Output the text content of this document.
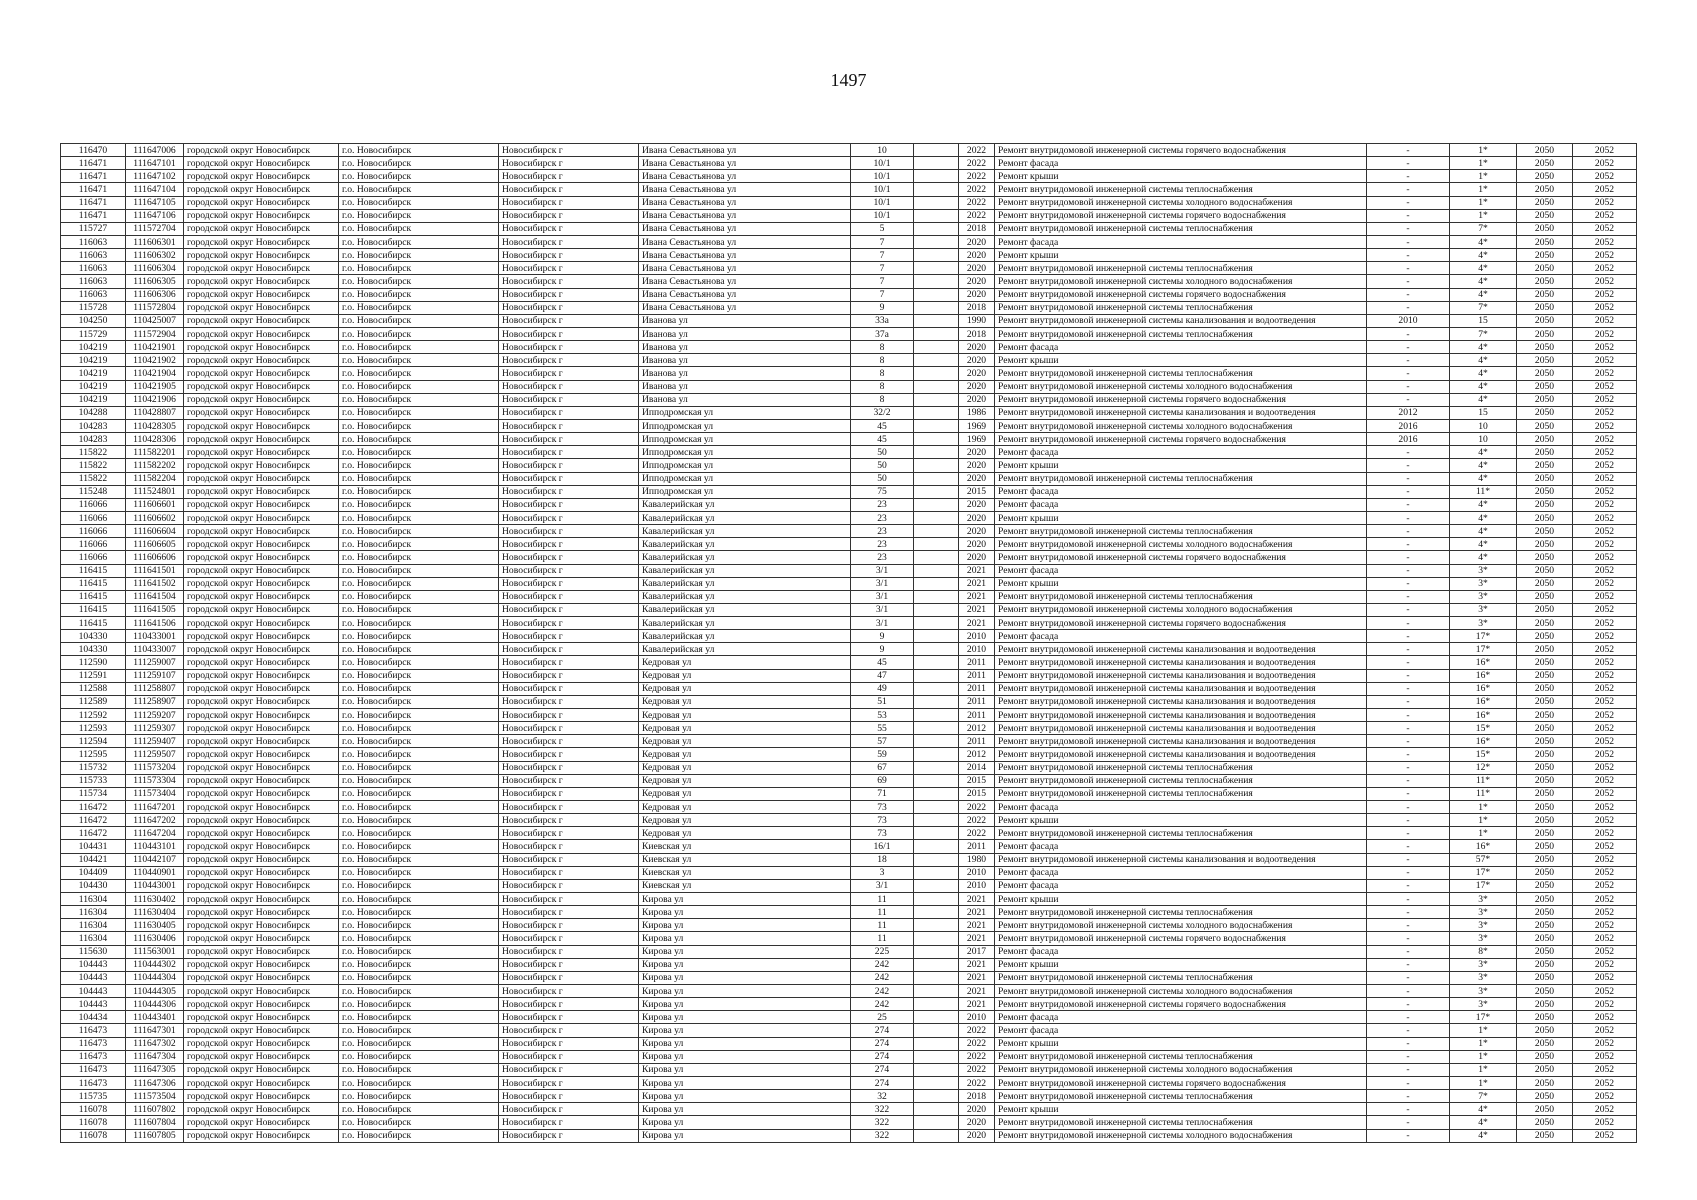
1497
116470	111647006	городской округ Новосибирск	г.о. Новосибирск	Новосибирск г	Ивана Севастьянова ул	10		2022	Ремонт внутридомовой инженерной системы горячего водоснабжения	-	1*	2050	2052
116471	111647101	городской округ Новосибирск	г.о. Новосибирск	Новосибирск г	Ивана Севастьянова ул	10/1		2022	Ремонт фасада	-	1*	2050	2052
116471	111647102	городской округ Новосибирск	г.о. Новосибирск	Новосибирск г	Ивана Севастьянова ул	10/1		2022	Ремонт крыши	-	1*	2050	2052
116471	111647104	городской округ Новосибирск	г.о. Новосибирск	Новосибирск г	Ивана Севастьянова ул	10/1		2022	Ремонт внутридомовой инженерной системы теплоснабжения	-	1*	2050	2052
116471	111647105	городской округ Новосибирск	г.о. Новосибирск	Новосибирск г	Ивана Севастьянова ул	10/1		2022	Ремонт внутридомовой инженерной системы холодного водоснабжения	-	1*	2050	2052
116471	111647106	городской округ Новосибирск	г.о. Новосибирск	Новосибирск г	Ивана Севастьянова ул	10/1		2022	Ремонт внутридомовой инженерной системы горячего водоснабжения	-	1*	2050	2052
115727	111572704	городской округ Новосибирск	г.о. Новосибирск	Новосибирск г	Ивана Севастьянова ул	5		2018	Ремонт внутридомовой инженерной системы теплоснабжения	-	7*	2050	2052
116063	111606301	городской округ Новосибирск	г.о. Новосибирск	Новосибирск г	Ивана Севастьянова ул	7		2020	Ремонт фасада	-	4*	2050	2052
116063	111606302	городской округ Новосибирск	г.о. Новосибирск	Новосибирск г	Ивана Севастьянова ул	7		2020	Ремонт крыши	-	4*	2050	2052
116063	111606304	городской округ Новосибирск	г.о. Новосибирск	Новосибирск г	Ивана Севастьянова ул	7		2020	Ремонт внутридомовой инженерной системы теплоснабжения	-	4*	2050	2052
116063	111606305	городской округ Новосибирск	г.о. Новосибирск	Новосибирск г	Ивана Севастьянова ул	7		2020	Ремонт внутридомовой инженерной системы холодного водоснабжения	-	4*	2050	2052
116063	111606306	городской округ Новосибирск	г.о. Новосибирск	Новосибирск г	Ивана Севастьянова ул	7		2020	Ремонт внутридомовой инженерной системы горячего водоснабжения	-	4*	2050	2052
115728	111572804	городской округ Новосибирск	г.о. Новосибирск	Новосибирск г	Ивана Севастьянова ул	9		2018	Ремонт внутридомовой инженерной системы теплоснабжения	-	7*	2050	2052
104250	110425007	городской округ Новосибирск	г.о. Новосибирск	Новосибирск г	Иванова ул	33а		1990	Ремонт внутридомовой инженерной системы канализования и водоотведения	2010	15	2050	2052
115729	111572904	городской округ Новосибирск	г.о. Новосибирск	Новосибирск г	Иванова ул	37а		2018	Ремонт внутридомовой инженерной системы теплоснабжения	-	7*	2050	2052
104219	110421901	городской округ Новосибирск	г.о. Новосибирск	Новосибирск г	Иванова ул	8		2020	Ремонт фасада	-	4*	2050	2052
104219	110421902	городской округ Новосибирск	г.о. Новосибирск	Новосибирск г	Иванова ул	8		2020	Ремонт крыши	-	4*	2050	2052
104219	110421904	городской округ Новосибирск	г.о. Новосибирск	Новосибирск г	Иванова ул	8		2020	Ремонт внутридомовой инженерной системы теплоснабжения	-	4*	2050	2052
104219	110421905	городской округ Новосибирск	г.о. Новосибирск	Новосибирск г	Иванова ул	8		2020	Ремонт внутридомовой инженерной системы холодного водоснабжения	-	4*	2050	2052
104219	110421906	городской округ Новосибирск	г.о. Новосибирск	Новосибирск г	Иванова ул	8		2020	Ремонт внутридомовой инженерной системы горячего водоснабжения	-	4*	2050	2052
104288	110428807	городской округ Новосибирск	г.о. Новосибирск	Новосибирск г	Ипподромская ул	32/2		1986	Ремонт внутридомовой инженерной системы канализования и водоотведения	2012	15	2050	2052
104283	110428305	городской округ Новосибирск	г.о. Новосибирск	Новосибирск г	Ипподромская ул	45		1969	Ремонт внутридомовой инженерной системы холодного водоснабжения	2016	10	2050	2052
104283	110428306	городской округ Новосибирск	г.о. Новосибирск	Новосибирск г	Ипподромская ул	45		1969	Ремонт внутридомовой инженерной системы горячего водоснабжения	2016	10	2050	2052
115822	111582201	городской округ Новосибирск	г.о. Новосибирск	Новосибирск г	Ипподромская ул	50		2020	Ремонт фасада	-	4*	2050	2052
115822	111582202	городской округ Новосибирск	г.о. Новосибирск	Новосибирск г	Ипподромская ул	50		2020	Ремонт крыши	-	4*	2050	2052
115822	111582204	городской округ Новосибирск	г.о. Новосибирск	Новосибирск г	Ипподромская ул	50		2020	Ремонт внутридомовой инженерной системы теплоснабжения	-	4*	2050	2052
115248	111524801	городской округ Новосибирск	г.о. Новосибирск	Новосибирск г	Ипподромская ул	75		2015	Ремонт фасада	-	11*	2050	2052
116066	111606601	городской округ Новосибирск	г.о. Новосибирск	Новосибирск г	Кавалерийская ул	23		2020	Ремонт фасада	-	4*	2050	2052
116066	111606602	городской округ Новосибирск	г.о. Новосибирск	Новосибирск г	Кавалерийская ул	23		2020	Ремонт крыши	-	4*	2050	2052
116066	111606604	городской округ Новосибирск	г.о. Новосибирск	Новосибирск г	Кавалерийская ул	23		2020	Ремонт внутридомовой инженерной системы теплоснабжения	-	4*	2050	2052
116066	111606605	городской округ Новосибирск	г.о. Новосибирск	Новосибирск г	Кавалерийская ул	23		2020	Ремонт внутридомовой инженерной системы холодного водоснабжения	-	4*	2050	2052
116066	111606606	городской округ Новосибирск	г.о. Новосибирск	Новосибирск г	Кавалерийская ул	23		2020	Ремонт внутридомовой инженерной системы горячего водоснабжения	-	4*	2050	2052
116415	111641501	городской округ Новосибирск	г.о. Новосибирск	Новосибирск г	Кавалерийская ул	3/1		2021	Ремонт фасада	-	3*	2050	2052
116415	111641502	городской округ Новосибирск	г.о. Новосибирск	Новосибирск г	Кавалерийская ул	3/1		2021	Ремонт крыши	-	3*	2050	2052
116415	111641504	городской округ Новосибирск	г.о. Новосибирск	Новосибирск г	Кавалерийская ул	3/1		2021	Ремонт внутридомовой инженерной системы теплоснабжения	-	3*	2050	2052
116415	111641505	городской округ Новосибирск	г.о. Новосибирск	Новосибирск г	Кавалерийская ул	3/1		2021	Ремонт внутридомовой инженерной системы холодного водоснабжения	-	3*	2050	2052
116415	111641506	городской округ Новосибирск	г.о. Новосибирск	Новосибирск г	Кавалерийская ул	3/1		2021	Ремонт внутридомовой инженерной системы горячего водоснабжения	-	3*	2050	2052
104330	110433001	городской округ Новосибирск	г.о. Новосибирск	Новосибирск г	Кавалерийская ул	9		2010	Ремонт фасада	-	17*	2050	2052
104330	110433007	городской округ Новосибирск	г.о. Новосибирск	Новосибирск г	Кавалерийская ул	9		2010	Ремонт внутридомовой инженерной системы канализования и водоотведения	-	17*	2050	2052
112590	111259007	городской округ Новосибирск	г.о. Новосибирск	Новосибирск г	Кедровая ул	45		2011	Ремонт внутридомовой инженерной системы канализования и водоотведения	-	16*	2050	2052
112591	111259107	городской округ Новосибирск	г.о. Новосибирск	Новосибирск г	Кедровая ул	47		2011	Ремонт внутридомовой инженерной системы канализования и водоотведения	-	16*	2050	2052
112588	111258807	городской округ Новосибирск	г.о. Новосибирск	Новосибирск г	Кедровая ул	49		2011	Ремонт внутридомовой инженерной системы канализования и водоотведения	-	16*	2050	2052
112589	111258907	городской округ Новосибирск	г.о. Новосибирск	Новосибирск г	Кедровая ул	51		2011	Ремонт внутридомовой инженерной системы канализования и водоотведения	-	16*	2050	2052
112592	111259207	городской округ Новосибирск	г.о. Новосибирск	Новосибирск г	Кедровая ул	53		2011	Ремонт внутридомовой инженерной системы канализования и водоотведения	-	16*	2050	2052
112593	111259307	городской округ Новосибирск	г.о. Новосибирск	Новосибирск г	Кедровая ул	55		2012	Ремонт внутридомовой инженерной системы канализования и водоотведения	-	15*	2050	2052
112594	111259407	городской округ Новосибирск	г.о. Новосибирск	Новосибирск г	Кедровая ул	57		2011	Ремонт внутридомовой инженерной системы канализования и водоотведения	-	16*	2050	2052
112595	111259507	городской округ Новосибирск	г.о. Новосибирск	Новосибирск г	Кедровая ул	59		2012	Ремонт внутридомовой инженерной системы канализования и водоотведения	-	15*	2050	2052
115732	111573204	городской округ Новосибирск	г.о. Новосибирск	Новосибирск г	Кедровая ул	67		2014	Ремонт внутридомовой инженерной системы теплоснабжения	-	12*	2050	2052
115733	111573304	городской округ Новосибирск	г.о. Новосибирск	Новосибирск г	Кедровая ул	69		2015	Ремонт внутридомовой инженерной системы теплоснабжения	-	11*	2050	2052
115734	111573404	городской округ Новосибирск	г.о. Новосибирск	Новосибирск г	Кедровая ул	71		2015	Ремонт внутридомовой инженерной системы теплоснабжения	-	11*	2050	2052
116472	111647201	городской округ Новосибирск	г.о. Новосибирск	Новосибирск г	Кедровая ул	73		2022	Ремонт фасада	-	1*	2050	2052
116472	111647202	городской округ Новосибирск	г.о. Новосибирск	Новосибирск г	Кедровая ул	73		2022	Ремонт крыши	-	1*	2050	2052
116472	111647204	городской округ Новосибирск	г.о. Новосибирск	Новосибирск г	Кедровая ул	73		2022	Ремонт внутридомовой инженерной системы теплоснабжения	-	1*	2050	2052
104431	110443101	городской округ Новосибирск	г.о. Новосибирск	Новосибирск г	Киевская ул	16/1		2011	Ремонт фасада	-	16*	2050	2052
104421	110442107	городской округ Новосибирск	г.о. Новосибирск	Новосибирск г	Киевская ул	18		1980	Ремонт внутридомовой инженерной системы канализования и водоотведения	-	57*	2050	2052
104409	110440901	городской округ Новосибирск	г.о. Новосибирск	Новосибирск г	Киевская ул	3		2010	Ремонт фасада	-	17*	2050	2052
104430	110443001	городской округ Новосибирск	г.о. Новосибирск	Новосибирск г	Киевская ул	3/1		2010	Ремонт фасада	-	17*	2050	2052
116304	111630402	городской округ Новосибирск	г.о. Новосибирск	Новосибирск г	Кирова ул	11		2021	Ремонт крыши	-	3*	2050	2052
116304	111630404	городской округ Новосибирск	г.о. Новосибирск	Новосибирск г	Кирова ул	11		2021	Ремонт внутридомовой инженерной системы теплоснабжения	-	3*	2050	2052
116304	111630405	городской округ Новосибирск	г.о. Новосибирск	Новосибирск г	Кирова ул	11		2021	Ремонт внутридомовой инженерной системы холодного водоснабжения	-	3*	2050	2052
116304	111630406	городской округ Новосибирск	г.о. Новосибирск	Новосибирск г	Кирова ул	11		2021	Ремонт внутридомовой инженерной системы горячего водоснабжения	-	3*	2050	2052
115630	111563001	городской округ Новосибирск	г.о. Новосибирск	Новосибирск г	Кирова ул	225		2017	Ремонт фасада	-	8*	2050	2052
104443	110444302	городской округ Новосибирск	г.о. Новосибирск	Новосибирск г	Кирова ул	242		2021	Ремонт крыши	-	3*	2050	2052
104443	110444304	городской округ Новосибирск	г.о. Новосибирск	Новосибирск г	Кирова ул	242		2021	Ремонт внутридомовой инженерной системы теплоснабжения	-	3*	2050	2052
104443	110444305	городской округ Новосибирск	г.о. Новосибирск	Новосибирск г	Кирова ул	242		2021	Ремонт внутридомовой инженерной системы холодного водоснабжения	-	3*	2050	2052
104443	110444306	городской округ Новосибирск	г.о. Новосибирск	Новосибирск г	Кирова ул	242		2021	Ремонт внутридомовой инженерной системы горячего водоснабжения	-	3*	2050	2052
104434	110443401	городской округ Новосибирск	г.о. Новосибирск	Новосибирск г	Кирова ул	25		2010	Ремонт фасада	-	17*	2050	2052
116473	111647301	городской округ Новосибирск	г.о. Новосибирск	Новосибирск г	Кирова ул	274		2022	Ремонт фасада	-	1*	2050	2052
116473	111647302	городской округ Новосибирск	г.о. Новосибирск	Новосибирск г	Кирова ул	274		2022	Ремонт крыши	-	1*	2050	2052
116473	111647304	городской округ Новосибирск	г.о. Новосибирск	Новосибирск г	Кирова ул	274		2022	Ремонт внутридомовой инженерной системы теплоснабжения	-	1*	2050	2052
116473	111647305	городской округ Новосибирск	г.о. Новосибирск	Новосибирск г	Кирова ул	274		2022	Ремонт внутридомовой инженерной системы холодного водоснабжения	-	1*	2050	2052
116473	111647306	городской округ Новосибирск	г.о. Новосибирск	Новосибирск г	Кирова ул	274		2022	Ремонт внутридомовой инженерной системы горячего водоснабжения	-	1*	2050	2052
115735	111573504	городской округ Новосибирск	г.о. Новосибирск	Новосибирск г	Кирова ул	32		2018	Ремонт внутридомовой инженерной системы теплоснабжения	-	7*	2050	2052
116078	111607802	городской округ Новосибирск	г.о. Новосибирск	Новосибирск г	Кирова ул	322		2020	Ремонт крыши	-	4*	2050	2052
116078	111607804	городской округ Новосибирск	г.о. Новосибирск	Новосибирск г	Кирова ул	322		2020	Ремонт внутридомовой инженерной системы теплоснабжения	-	4*	2050	2052
116078	111607805	городской округ Новосибирск	г.о. Новосибирск	Новосибирск г	Кирова ул	322		2020	Ремонт внутридомовой инженерной системы холодного водоснабжения	-	4*	2050	2052
